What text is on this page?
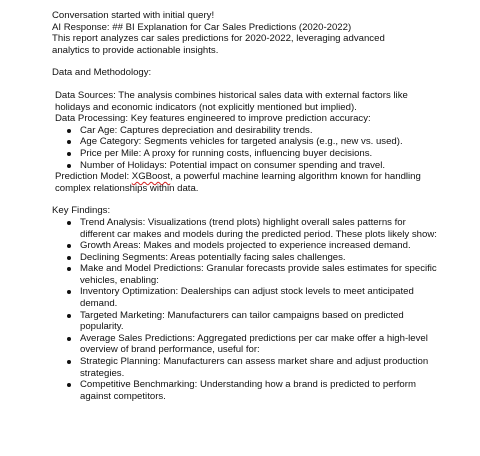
Conversation started with initial query!
AI Response: ## BI Explanation for Car Sales Predictions (2020-2022)
This report analyzes car sales predictions for 2020-2022, leveraging advanced analytics to provide actionable insights.
Data and Methodology:
Data Sources: The analysis combines historical sales data with external factors like holidays and economic indicators (not explicitly mentioned but implied).
Data Processing: Key features engineered to improve prediction accuracy:
Car Age: Captures depreciation and desirability trends.
Age Category: Segments vehicles for targeted analysis (e.g., new vs. used).
Price per Mile: A proxy for running costs, influencing buyer decisions.
Number of Holidays: Potential impact on consumer spending and travel.
Prediction Model: XGBoost, a powerful machine learning algorithm known for handling complex relationships within data.
Key Findings:
Trend Analysis: Visualizations (trend plots) highlight overall sales patterns for different car makes and models during the predicted period. These plots likely show:
Growth Areas: Makes and models projected to experience increased demand.
Declining Segments: Areas potentially facing sales challenges.
Make and Model Predictions: Granular forecasts provide sales estimates for specific vehicles, enabling:
Inventory Optimization: Dealerships can adjust stock levels to meet anticipated demand.
Targeted Marketing: Manufacturers can tailor campaigns based on predicted popularity.
Average Sales Predictions: Aggregated predictions per car make offer a high-level overview of brand performance, useful for:
Strategic Planning: Manufacturers can assess market share and adjust production strategies.
Competitive Benchmarking: Understanding how a brand is predicted to perform against competitors.
